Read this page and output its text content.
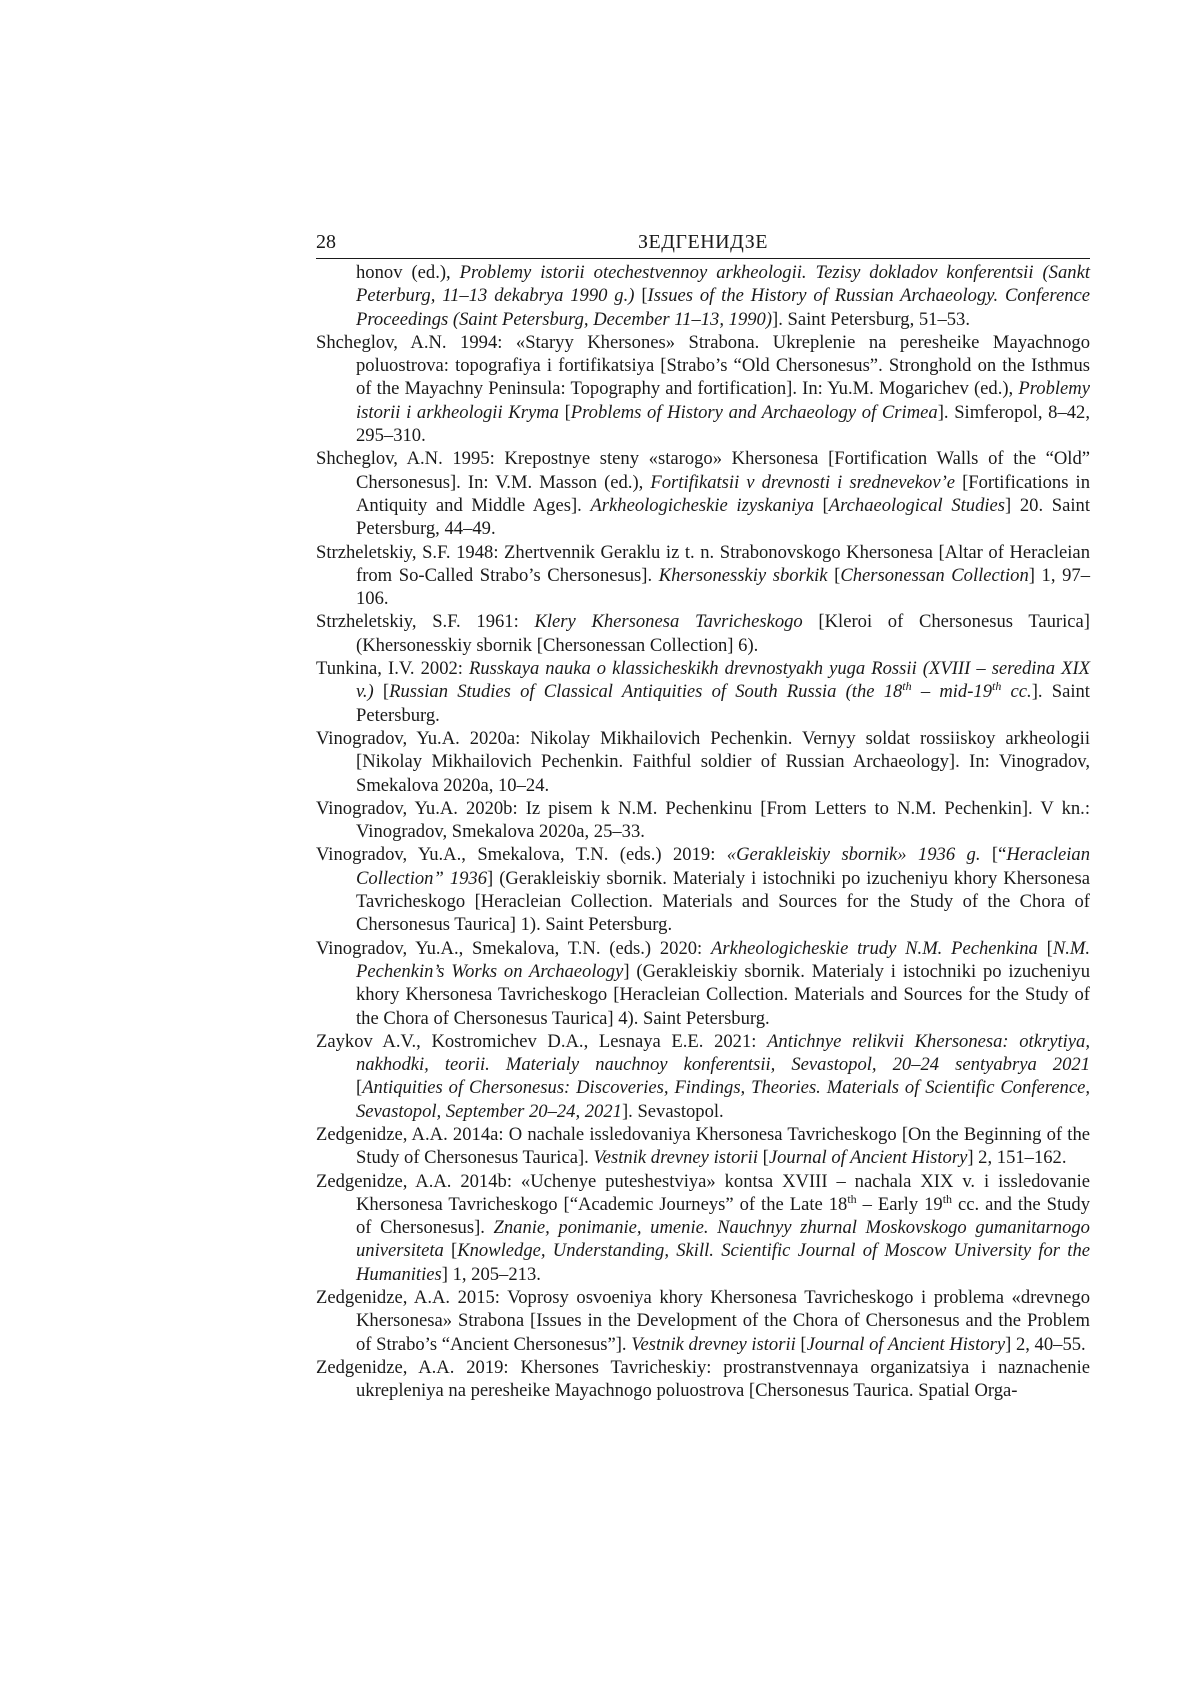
28	ЗЕДГЕНИДЗЕ

honov (ed.), Problemy istorii otechestvennoy arkheologii. Tezisy dokladov konferentsii (Sankt Peterburg, 11–13 dekabrya 1990 g.) [Issues of the History of Russian Archaeology. Conference Proceedings (Saint Petersburg, December 11–13, 1990)]. Saint Petersburg, 51–53.

Shcheglov, A.N. 1994: «Staryy Khersones» Strabona. Ukreplenie na peresheike Mayachnogo poluostrova: topografiya i fortifikatsiya [Strabo’s “Old Chersonesus”. Stronghold on the Isthmus of the Mayachny Peninsula: Topography and fortification]. In: Yu.M. Mogarichev (ed.), Problemy istorii i arkheologii Kryma [Problems of History and Archaeology of Crimea]. Simferopol, 8–42, 295–310.

Shcheglov, A.N. 1995: Krepostnye steny «starogo» Khersonesa [Fortification Walls of the “Old” Chersonesus]. In: V.M. Masson (ed.), Fortifikatsii v drevnosti i srednevekov’e [Fortifications in Antiquity and Middle Ages]. Arkheologicheskie izyskaniya [Archaeological Studies] 20. Saint Petersburg, 44–49.

Strzheletskiy, S.F. 1948: Zhertvennik Geraklu iz t. n. Strabonovskogo Khersonesa [Altar of Heracleian from So-Called Strabo’s Chersonesus]. Khersonesskiy sborkik [Chersonessan Collection] 1, 97–106.

Strzheletskiy, S.F. 1961: Klery Khersonesa Tavricheskogo [Kleroi of Chersonesus Taurica] (Khersonesskiy sbornik [Chersonessan Collection] 6).

Tunkina, I.V. 2002: Russkaya nauka o klassicheskikh drevnostyakh yuga Rossii (XVIII – seredina XIX v.) [Russian Studies of Classical Antiquities of South Russia (the 18th – mid-19th cc.]. Saint Petersburg.

Vinogradov, Yu.A. 2020a: Nikolay Mikhailovich Pechenkin. Vernyy soldat rossiiskoy arkheologii [Nikolay Mikhailovich Pechenkin. Faithful soldier of Russian Archaeology]. In: Vinogradov, Smekalova 2020a, 10–24.

Vinogradov, Yu.A. 2020b: Iz pisem k N.M. Pechenkinu [From Letters to N.M. Pechenkin]. V kn.: Vinogradov, Smekalova 2020a, 25–33.

Vinogradov, Yu.A., Smekalova, T.N. (eds.) 2019: «Gerakleiskiy sbornik» 1936 g. [“Heracleian Collection” 1936] (Gerakleiskiy sbornik. Materialy i istochniki po izucheniyu khory Khersonesa Tavricheskogo [Heracleian Collection. Materials and Sources for the Study of the Chora of Chersonesus Taurica] 1). Saint Petersburg.

Vinogradov, Yu.A., Smekalova, T.N. (eds.) 2020: Arkheologicheskie trudy N.M. Pechenkina [N.M. Pechenkin’s Works on Archaeology] (Gerakleiskiy sbornik. Materialy i istochniki po izucheniyu khory Khersonesa Tavricheskogo [Heracleian Collection. Materials and Sources for the Study of the Chora of Chersonesus Taurica] 4). Saint Petersburg.

Zaykov A.V., Kostromichev D.A., Lesnaya E.E. 2021: Antichnye relikvii Khersonesa: otkrytiya, nakhodki, teorii. Materialy nauchnoy konferentsii, Sevastopol, 20–24 sentyabrya 2021 [Antiquities of Chersonesus: Discoveries, Findings, Theories. Materials of Scientific Conference, Sevastopol, September 20–24, 2021]. Sevastopol.

Zedgenidze, A.A. 2014a: O nachale issledovaniya Khersonesa Tavricheskogo [On the Beginning of the Study of Chersonesus Taurica]. Vestnik drevney istorii [Journal of Ancient History] 2, 151–162.

Zedgenidze, A.A. 2014b: «Uchenye puteshestviya» kontsa XVIII – nachala XIX v. i issledovanie Khersonesa Tavricheskogo [“Academic Journeys” of the Late 18th – Early 19th cc. and the Study of Chersonesus]. Znanie, ponimanie, umenie. Nauchnyy zhurnal Moskovskogo gumanitarnogo universiteta [Knowledge, Understanding, Skill. Scientific Journal of Moscow University for the Humanities] 1, 205–213.

Zedgenidze, A.A. 2015: Voprosy osvoeniya khory Khersonesa Tavricheskogo i problema «drevnego Khersonesa» Strabona [Issues in the Development of the Chora of Chersonesus and the Problem of Strabo’s “Ancient Chersonesus”]. Vestnik drevney istorii [Journal of Ancient History] 2, 40–55.

Zedgenidze, A.A. 2019: Khersones Tavricheskiy: prostranstvennaya organizatsiya i naznachenie ukrepleniya na peresheike Mayachnogo poluostrova [Chersonesus Taurica. Spatial Orga-
